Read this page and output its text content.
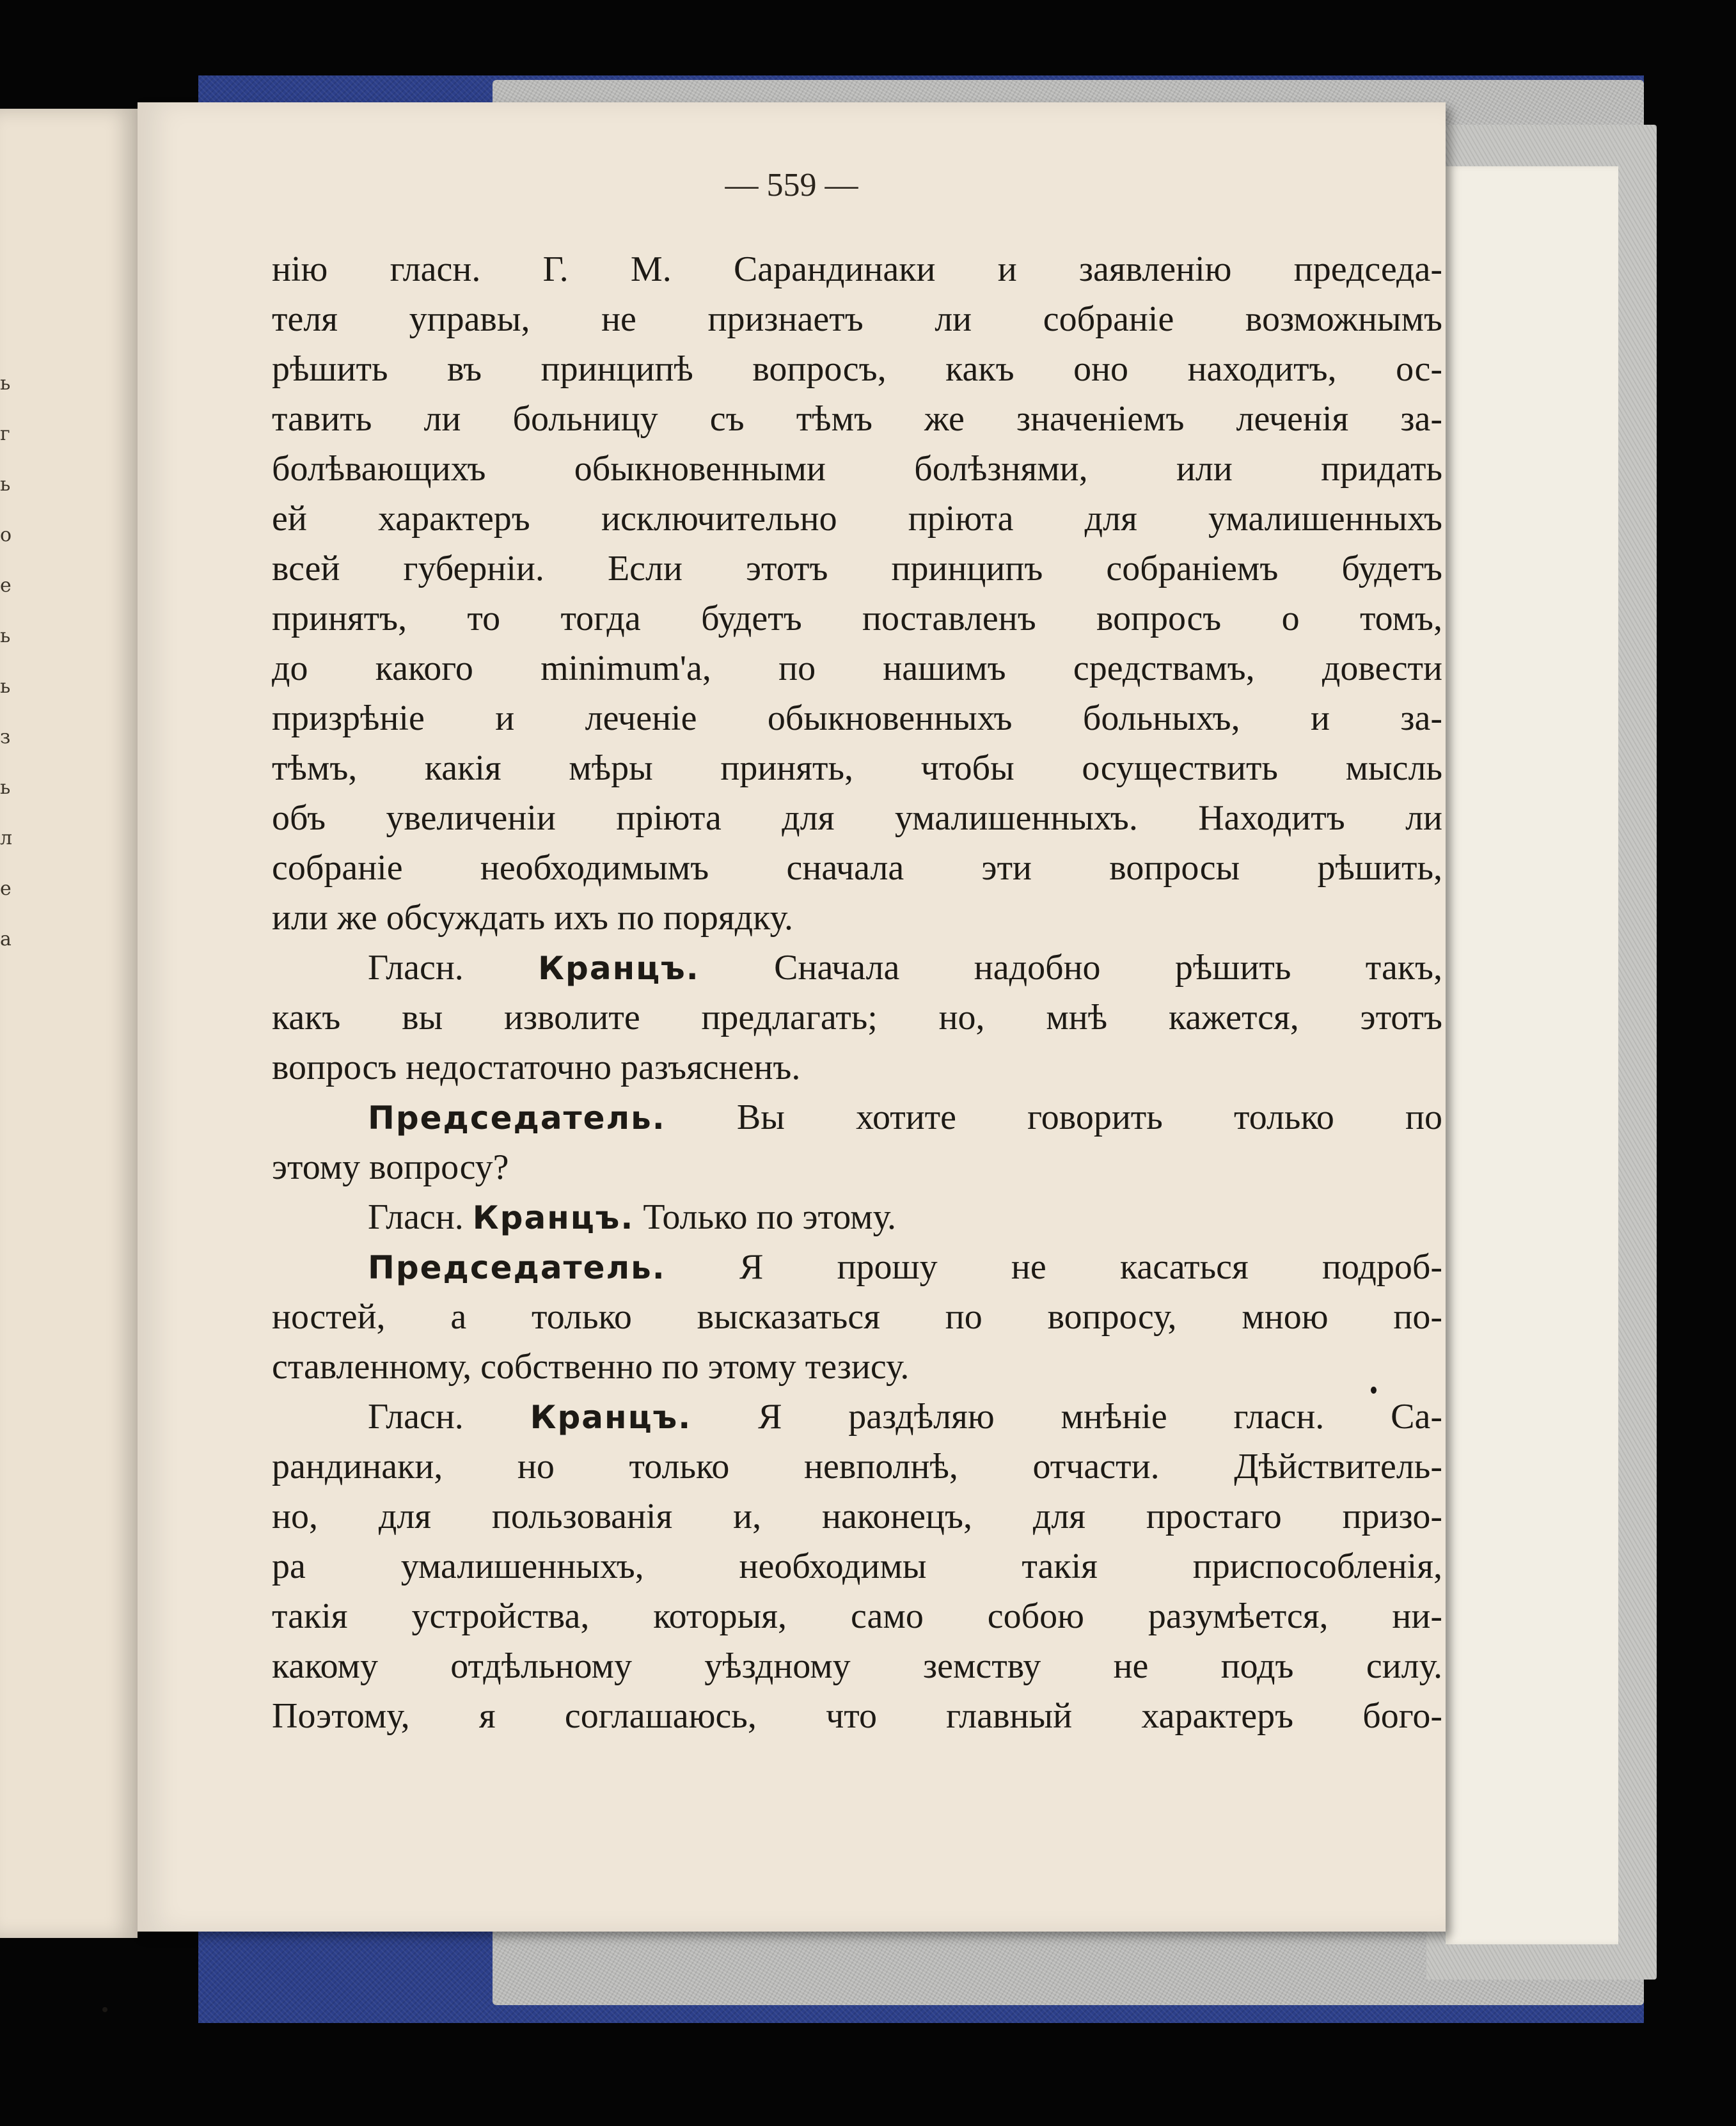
ь
г
ь
о
е
ь
ь
з
ь
л
е
а
— 559 —
нію гласн. Г. М. Сарандинаки и заявленію председа-
теля управы, не признаетъ ли собраніе возможнымъ
рѣшить въ принципѣ вопросъ, какъ оно находитъ, ос-
тавить ли больницу съ тѣмъ же значеніемъ леченія за-
болѣвающихъ обыкновенными болѣзнями, или придать
ей характеръ исключительно пріюта для умалишенныхъ
всей губерніи. Если этотъ принципъ собраніемъ будетъ
принятъ, то тогда будетъ поставленъ вопросъ о томъ,
до какого minimum'а, по нашимъ средствамъ, довести
призрѣніе и леченіе обыкновенныхъ больныхъ, и за-
тѣмъ, какія мѣры принять, чтобы осуществить мысль
объ увеличеніи пріюта для умалишенныхъ. Находитъ ли
собраніе необходимымъ сначала эти вопросы рѣшить,
или же обсуждать ихъ по порядку.
Гласн. Кранцъ. Сначала надобно рѣшить такъ,
какъ вы изволите предлагать; но, мнѣ кажется, этотъ
вопросъ недостаточно разъясненъ.
Председатель. Вы хотите говорить только по
этому вопросу?
Гласн. Кранцъ. Только по этому.
Председатель. Я прошу не касаться подроб-
ностей, а только высказаться по вопросу, мною по-
ставленному, собственно по этому тезису.
Гласн. Кранцъ. Я раздѣляю мнѣніе гласн. Са-
рандинаки, но только невполнѣ, отчасти. Дѣйствитель-
но, для пользованія и, наконецъ, для простаго призо-
ра умалишенныхъ, необходимы такія приспособленія,
такія устройства, которыя, само собою разумѣется, ни-
какому отдѣльному уѣздному земству не подъ силу.
Поэтому, я соглашаюсь, что главный характеръ бого-
